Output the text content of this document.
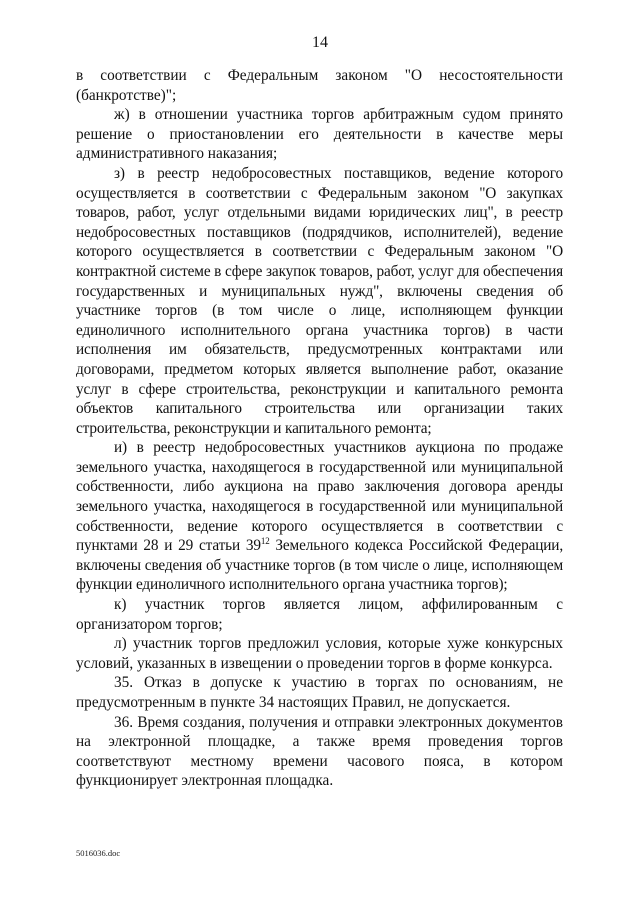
14

в соответствии с Федеральным законом "О несостоятельности (банкротстве)";

ж) в отношении участника торгов арбитражным судом принято решение о приостановлении его деятельности в качестве меры административного наказания;

з) в реестр недобросовестных поставщиков, ведение которого осуществляется в соответствии с Федеральным законом "О закупках товаров, работ, услуг отдельными видами юридических лиц", в реестр недобросовестных поставщиков (подрядчиков, исполнителей), ведение которого осуществляется в соответствии с Федеральным законом "О контрактной системе в сфере закупок товаров, работ, услуг для обеспечения государственных и муниципальных нужд", включены сведения об участнике торгов (в том числе о лице, исполняющем функции единоличного исполнительного органа участника торгов) в части исполнения им обязательств, предусмотренных контрактами или договорами, предметом которых является выполнение работ, оказание услуг в сфере строительства, реконструкции и капитального ремонта объектов капитального строительства или организации таких строительства, реконструкции и капитального ремонта;

и) в реестр недобросовестных участников аукциона по продаже земельного участка, находящегося в государственной или муниципальной собственности, либо аукциона на право заключения договора аренды земельного участка, находящегося в государственной или муниципальной собственности, ведение которого осуществляется в соответствии с пунктами 28 и 29 статьи $39^{12}$ Земельного кодекса Российской Федерации, включены сведения об участнике торгов (в том числе о лице, исполняющем функции единоличного исполнительного органа участника торгов);

к) участник торгов является лицом, аффилированным с организатором торгов;

л) участник торгов предложил условия, которые хуже конкурсных условий, указанных в извещении о проведении торгов в форме конкурса.

35. Отказ в допуске к участию в торгах по основаниям, не предусмотренным в пункте 34 настоящих Правил, не допускается.

36. Время создания, получения и отправки электронных документов на электронной площадке, а также время проведения торгов соответствуют местному времени часового пояса, в котором функционирует электронная площадка.

5016036.doc
